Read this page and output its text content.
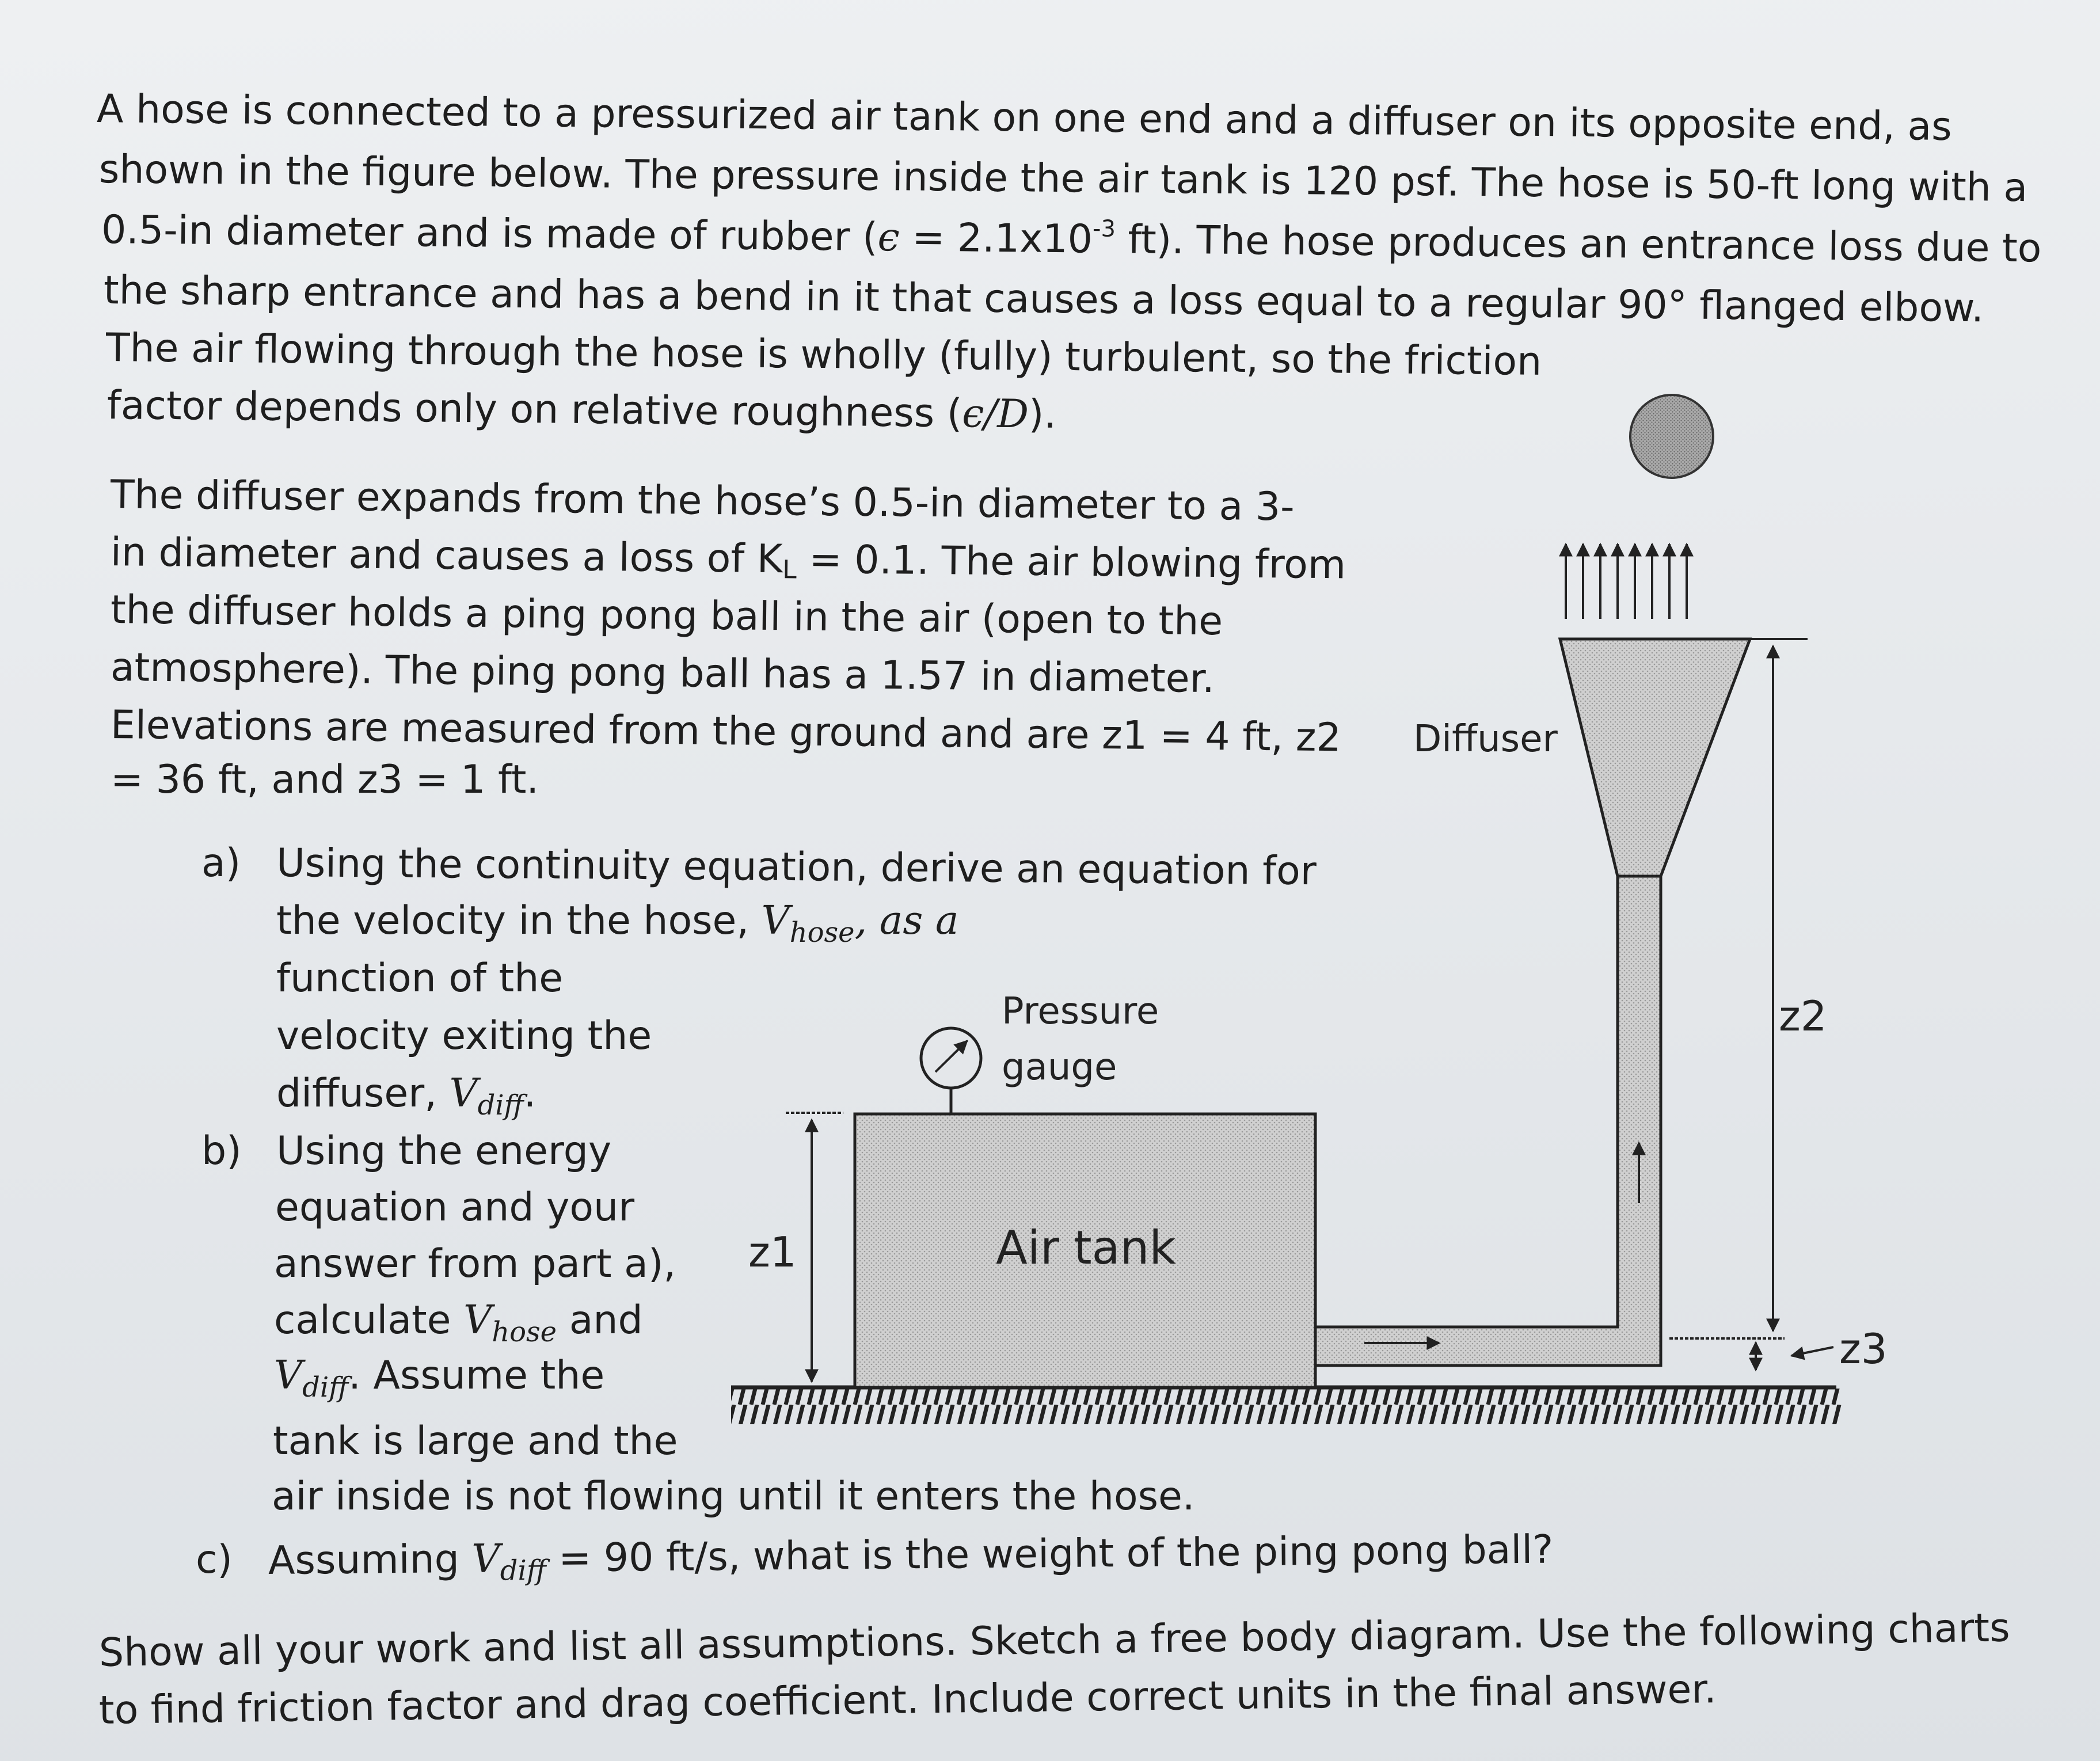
A hose is connected to a pressurized air tank on one end and a diffuser on its opposite end, as
shown in the figure below. The pressure inside the air tank is 120 psf. The hose is 50-ft long with a
0.5-in diameter and is made of rubber ($\epsilon = 2.1x10^{-3}$ ft). The hose produces an entrance loss due to
the sharp entrance and has a bend in it that causes a loss equal to a regular 90° flanged elbow.
The air flowing through the hose is wholly (fully) turbulent, so the friction
factor depends only on relative roughness (ϵ/D).
The diffuser expands from the hose’s 0.5-in diameter to a 3-
in diameter and causes a loss of KL = 0.1. The air blowing from
the diffuser holds a ping pong ball in the air (open to the
atmosphere). The ping pong ball has a 1.57 in diameter.
Elevations are measured from the ground and are z1 = 4 ft, z2
= 36 ft, and z3 = 1 ft.
a) Using the continuity equation, derive an equation for
the velocity in the hose, $V_{hose}$, as a
function of the
velocity exiting the
diffuser, $V_{diff}$.
b) Using the energy
equation and your
answer from part a),
calculate $V_{hose}$ and
$V_{diff}$. Assume the
tank is large and the
air inside is not flowing until it enters the hose.
c) Assuming $V_{diff} = 90$ ft/s, what is the weight of the ping pong ball?
Show all your work and list all assumptions. Sketch a free body diagram. Use the following charts
to find friction factor and drag coefficient. Include correct units in the final answer.
Pressure
gauge
Air tank
Diffuser
z1
z2
z3
